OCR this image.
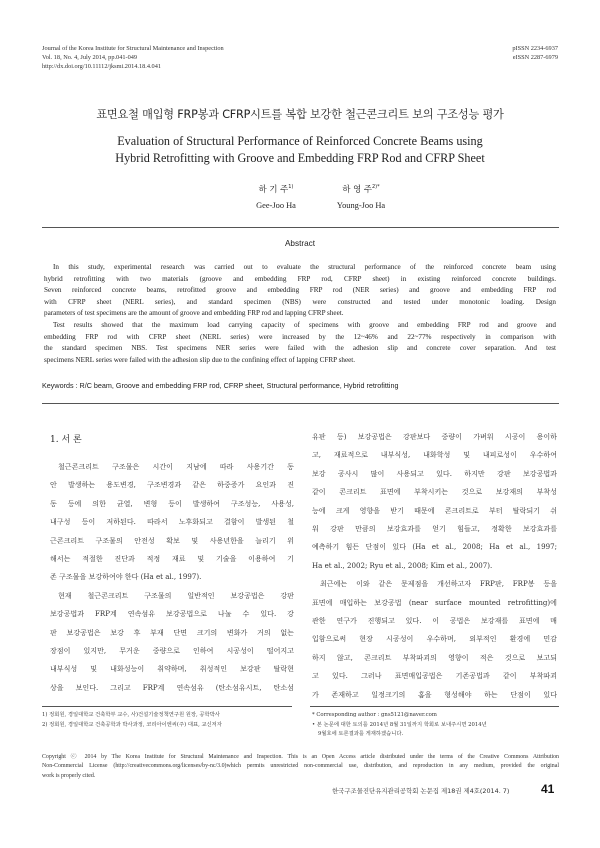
Journal of the Korea Institute for Structural Maintenance and Inspection
Vol. 18, No. 4, July 2014, pp.041-049
http://dx.doi.org/10.11112/jksmi.2014.18.4.041
pISSN 2234-6937
eISSN 2287-6979
표면요철 매입형 FRP봉과 CFRP시트를 복합 보강한 철근콘크리트 보의 구조성능 평가
Evaluation of Structural Performance of Reinforced Concrete Beams using
Hybrid Retrofitting with Groove and Embedding FRP Rod and CFRP Sheet
하 기 주$^{1)}$
Gee-Joo Ha
하 영 주$^{2)*}$
Young-Joo Ha
Abstract
In this study, experimental research was carried out to evaluate the structural performance of the reinforced concrete beam using
hybrid retrofitting with two materials (groove and embedding FRP rod, CFRP sheet) in existing reinforced concrete buildings.
Seven reinforced concrete beams, retrofitted groove and embedding FRP rod (NER series) and groove and embedding FRP rod
with CFRP sheet (NERL series), and standard specimen (NBS) were constructed and tested under monotonic loading. Design
parameters of test specimens are the amount of groove and embedding FRP rod and lapping CFRP sheet.
Test results showed that the maximum load carrying capacity of specimens with groove and embedding FRP rod and groove and
embedding FRP rod with CFRP sheet (NERL series) were increased by the 12~46% and 22~77% respectively in comparison with
the standard specimen NBS. Test specimens NER series were failed with the adhesion slip and concrete cover separation. And test
specimens NERL series were failed with the adhesion slip due to the confining effect of lapping CFRP sheet.
Keywords : R/C beam, Groove and embedding FRP rod, CFRP sheet, Structural performance, Hybrid retrofitting
1. 서 론
철근콘크리트 구조물은 시간이 지남에 따라 사용기간 동
안 발생하는 용도변경, 구조변경과 같은 하중증가 요인과 진
동 등에 의한 균열, 변형 등이 발생하여 구조성능, 사용성,
내구성 등이 저하된다. 따라서 노후화되고 결함이 발생된 철
근콘크리트 구조물의 안전성 확보 및 사용년한을 늘리기 위
해서는 적절한 진단과 적정 재료 및 기술을 이용하여 기
존 구조물을 보강하여야 한다 (Ha et al., 1997).
현재 철근콘크리트 구조물의 일반적인 보강공법은 강판
보강공법과 FRP계 연속섬유 보강공법으로 나눌 수 있다. 강
판 보강공법은 보강 후 부재 단면 크기의 변화가 거의 없는
장점이 있지만, 무거운 중량으로 인하여 시공성이 떨어지고
내부식성 및 내화성능이 취약하며, 취성적인 보강판 탈락현
상을 보인다. 그리고 FRP계 연속섬유 (탄소섬유시트, 탄소섬
유판 등) 보강공법은 강판보다 중량이 가벼워 시공이 용이하
고, 재료적으로 내부식성, 내화학성 및 내피로성이 우수하여
보강 공사시 많이 사용되고 있다. 하지만 강판 보강공법과
같이 콘크리트 표면에 부착시키는 것으로 보강재의 부착성
능에 크게 영향을 받기 때문에 콘크리트로 부터 탈락되기 쉬
워 강판 만큼의 보강효과를 얻기 힘들고, 정확한 보강효과를
예측하기 힘든 단점이 있다 (Ha et al., 2008; Ha et al., 1997;
Ha et al., 2002; Ryu et al., 2008; Kim et al., 2007).
최근에는 이와 같은 문제점을 개선하고자 FRP판, FRP봉 등을
표면에 매입하는 보강공법 (near surface mounted retrofitting)에
관한 연구가 진행되고 있다. 이 공법은 보강재를 표면에 매
입함으로써 현장 시공성이 우수하며, 외부적인 환경에 민감
하지 않고, 콘크리트 부착파괴의 영향이 적은 것으로 보고되
고 있다. 그러나 표면매입공법은 기존공법과 같이 부착파괴
가 존재하고 일정크기의 홈을 형성해야 하는 단점이 있다
1) 정회원, 경일대학교 건축학부 교수, 사)건설기술정책연구원 원장, 공학박사
2) 정회원, 경일대학교 건축공학과 박사과정, 코리아이엔씨(주) 대표, 교신저자
* Corresponding author : gns5121@naver.com
• 본 논문에 대한 토의를 2014년 8월 31일까지 학회로 보내주시면 2014년
9월호에 토론결과를 게재하겠습니다.
Copyright ⓒ 2014 by The Korea Institute for Structural Maintenance and Inspection. This is an Open Access article distributed under the terms of the Creative Commons Attribution
Non-Commercial License (http://creativecommons.org/licenses/by-nc/3.0)which permits unrestricted non-commercial use, distribution, and reproduction in any medium, provided the original
work is properly cited.
한국구조물진단유지관리공학회 논문집 제18권 제4호(2014. 7)	41
